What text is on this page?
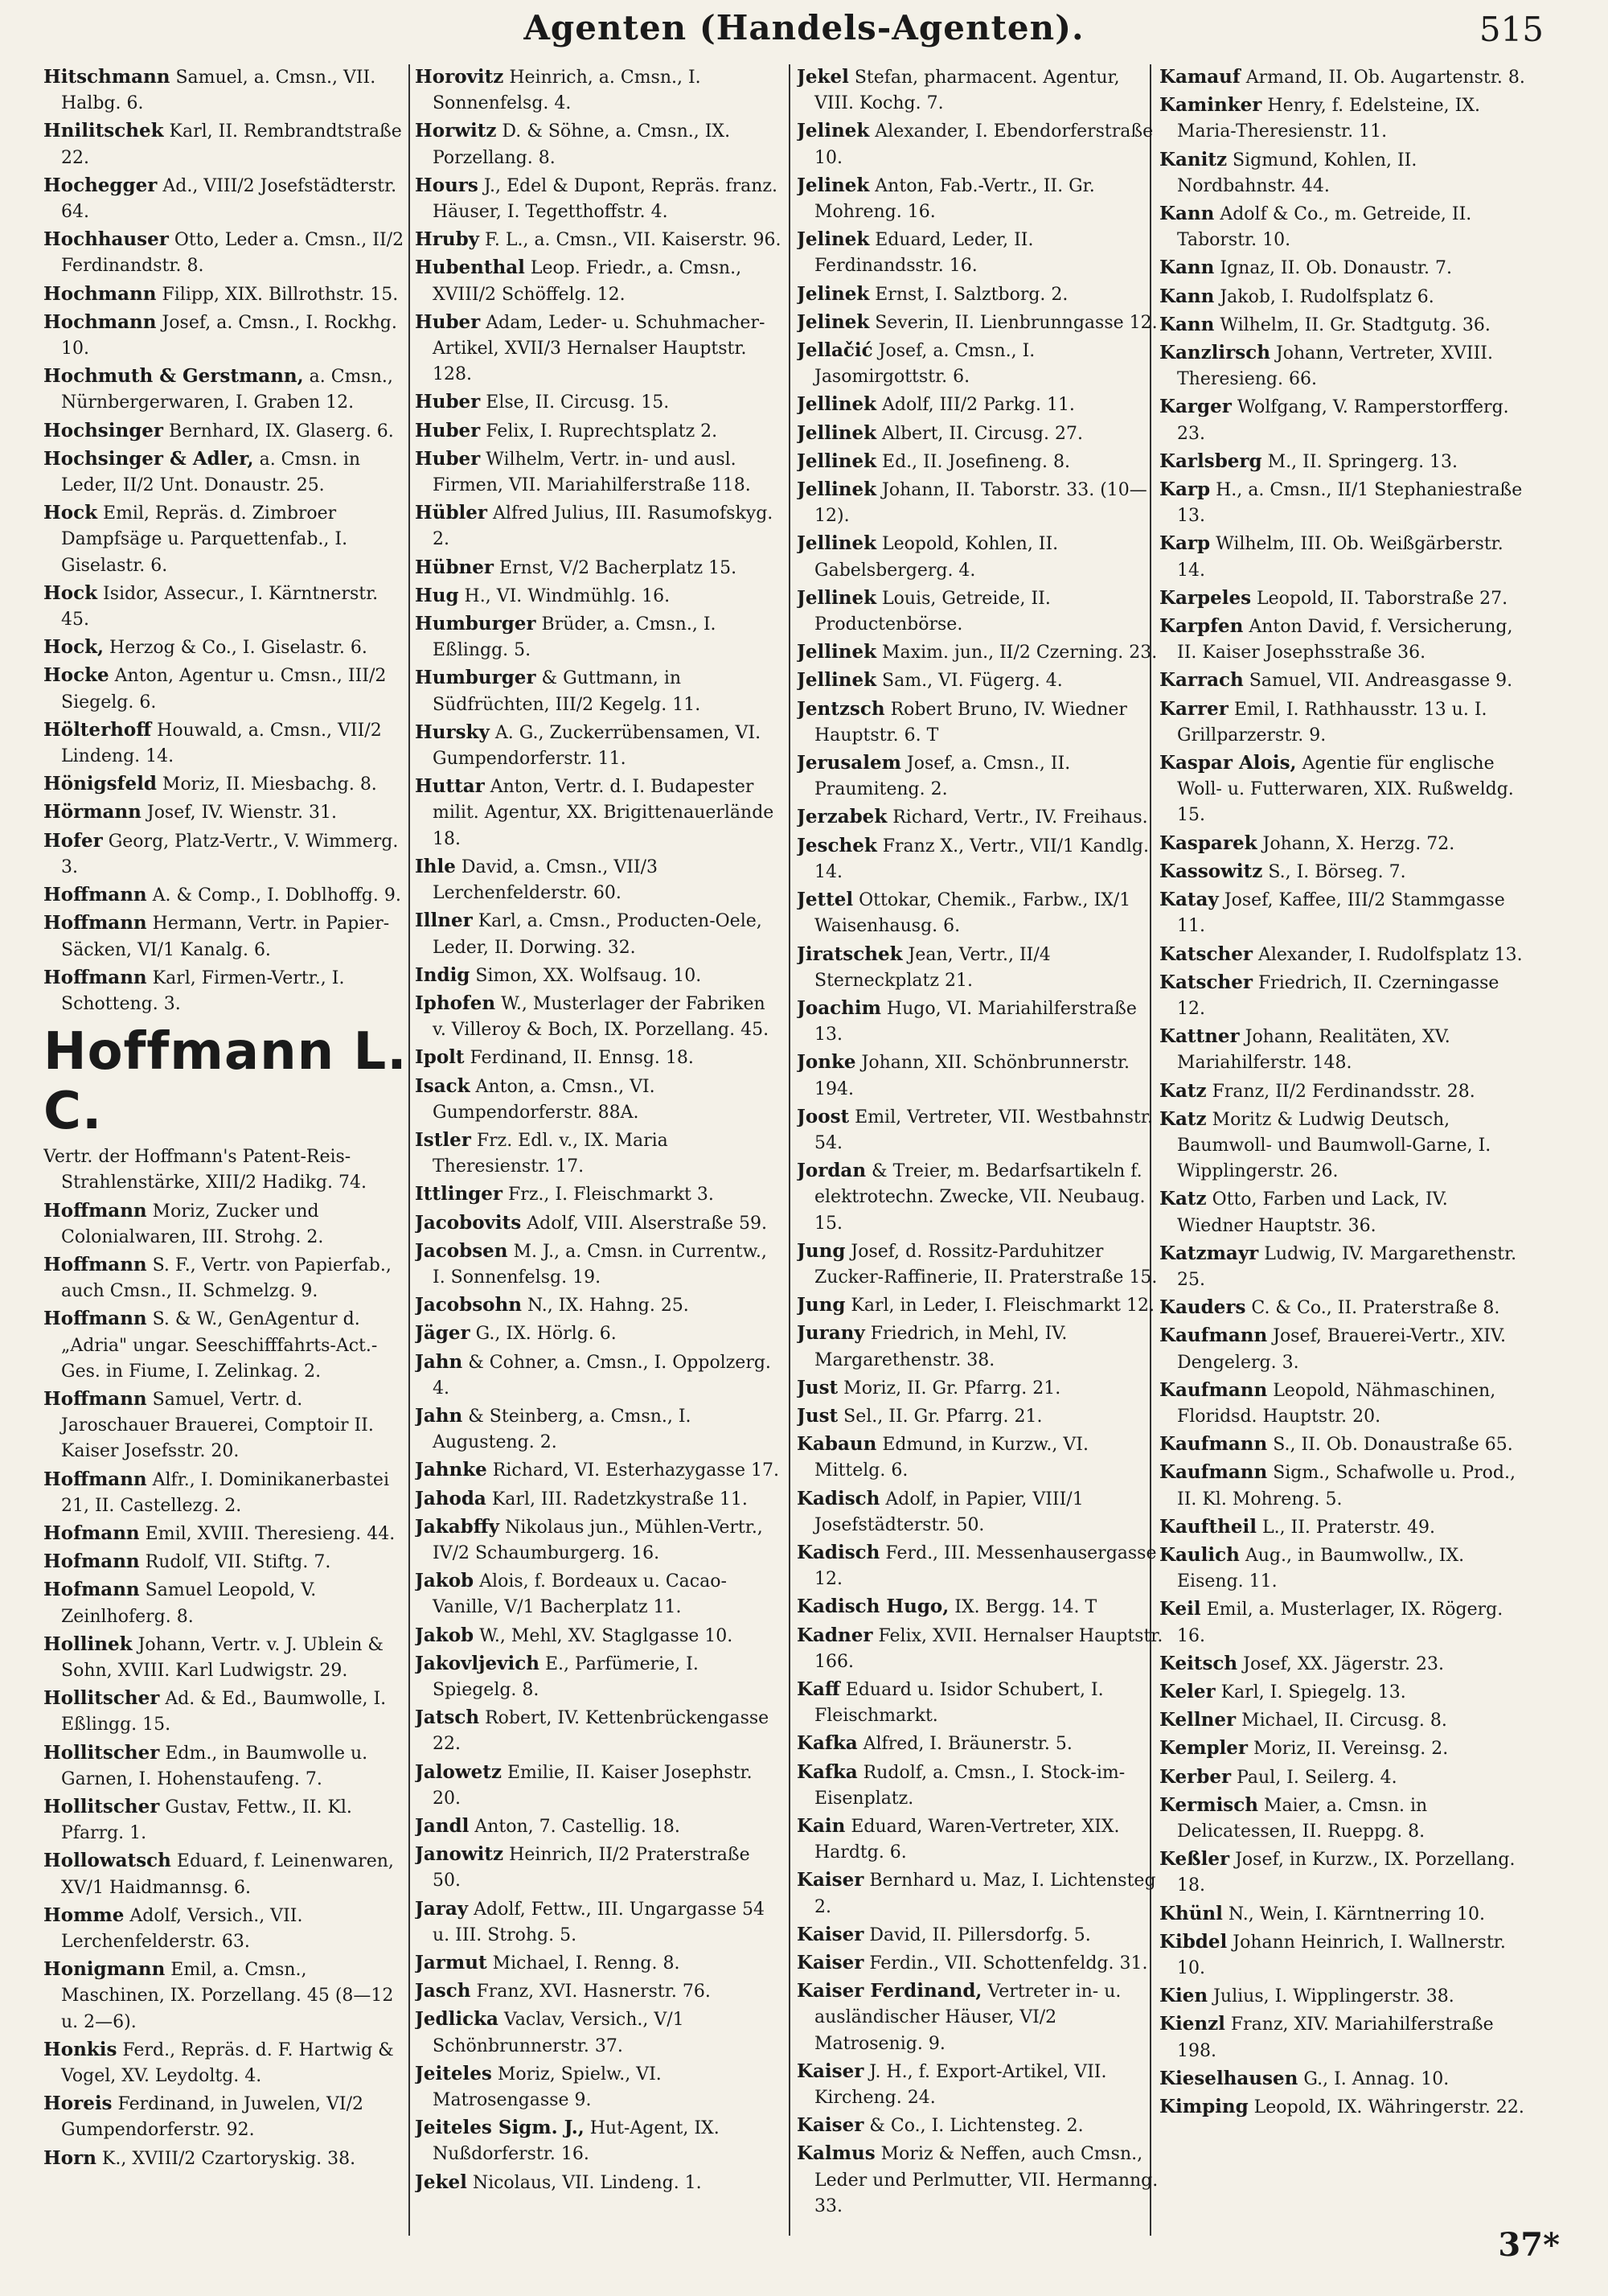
Agenten (Handels-Agenten).	515
Hitschmann Samuel, a. Cmsn., VII. Halbg. 6.
Hnilitschek Karl, II. Rembrandtstraße 22.
Hochegger Ad., VIII/2 Josefstädterstr. 64.
Hochhauser Otto, Leder a. Cmsn., II/2 Ferdinandstr. 8.
Hochmann Filipp, XIX. Billrothstr. 15.
Hochmann Josef, a. Cmsn., I. Rockhg. 10.
Hochmuth & Gerstmann, a. Cmsn., Nürnbergerwaren, I. Graben 12.
Hochsinger Bernhard, IX. Glaserg. 6.
Hochsinger & Adler, a. Cmsn. in Leder, II/2 Unt. Donaustr. 25.
Hock Emil, Repräs. d. Zimbroer Dampfsäge u. Parquettenfab., I. Giselastr. 6.
Hock Isidor, Assecur., I. Kärntnerstr. 45.
Hock, Herzog & Co., I. Giselastr. 6.
Hocke Anton, Agentur u. Cmsn., III/2 Siegelg. 6.
Hölterhoff Houwald, a. Cmsn., VII/2 Lindeng. 14.
Hönigsfeld Moriz, II. Miesbachg. 8.
Hörmann Josef, IV. Wienstr. 31.
Hofer Georg, Platz-Vertr., V. Wimmerg. 3.
Hoffmann A. & Comp., I. Doblhoffg. 9.
Hoffmann Hermann, Vertr. in Papier-Säcken, VI/1 Kanalg. 6.
Hoffmann Karl, Firmen-Vertr., I. Schotteng. 3.
Hoffmann L. C.
Vertr. der Hoffmann's Patent-Reis-Strahlenstärke, XIII/2 Hadikg. 74.
Hoffmann Moriz, Zucker und Colonialwaren, III. Strohg. 2.
Hoffmann S. F., Vertr. von Papierfab., auch Cmsn., II. Schmelzg. 9.
Hoffmann S. & W., GenAgentur d. „Adria" ungar. Seeschifffahrts-Act.-Ges. in Fiume, I. Zelinkag. 2.
Hoffmann Samuel, Vertr. d. Jaroschauer Brauerei, Comptoir II. Kaiser Josefsstr. 20.
Hoffmann Alfr., I. Dominikanerbastei 21, II. Castellezg. 2.
Hofmann Emil, XVIII. Theresieng. 44.
Hofmann Rudolf, VII. Stiftg. 7.
Hofmann Samuel Leopold, V. Zeinlhoferg. 8.
Hollinek Johann, Vertr. v. J. Ublein & Sohn, XVIII. Karl Ludwigstr. 29.
Hollitscher Ad. & Ed., Baumwolle, I. Eßlingg. 15.
Hollitscher Edm., in Baumwolle u. Garnen, I. Hohenstaufeng. 7.
Hollitscher Gustav, Fettw., II. Kl. Pfarrg. 1.
Hollowatsch Eduard, f. Leinenwaren, XV/1 Haidmannsg. 6.
Homme Adolf, Versich., VII. Lerchenfelderstr. 63.
Honigmann Emil, a. Cmsn., Maschinen, IX. Porzellang. 45 (8—12 u. 2—6).
Honkis Ferd., Repräs. d. F. Hartwig & Vogel, XV. Leydoltg. 4.
Horeis Ferdinand, in Juwelen, VI/2 Gumpendorferstr. 92.
Horn K., XVIII/2 Czartoryskig. 38.
Horovitz Heinrich, a. Cmsn., I. Sonnenfelsg. 4.
Horwitz D. & Söhne, a. Cmsn., IX. Porzellang. 8.
Hours J., Edel & Dupont, Repräs. franz. Häuser, I. Tegetthoffstr. 4.
Hruby F. L., a. Cmsn., VII. Kaiserstr. 96.
Hubenthal Leop. Friedr., a. Cmsn., XVIII/2 Schöffelg. 12.
Huber Adam, Leder- u. Schuhmacher-Artikel, XVII/3 Hernalser Hauptstr. 128.
Huber Else, II. Circusg. 15.
Huber Felix, I. Ruprechtsplatz 2.
Huber Wilhelm, Vertr. in- und ausl. Firmen, VII. Mariahilferstraße 118.
Hübler Alfred Julius, III. Rasumofskyg. 2.
Hübner Ernst, V/2 Bacherplatz 15.
Hug H., VI. Windmühlg. 16.
Humburger Brüder, a. Cmsn., I. Eßlingg. 5.
Humburger & Guttmann, in Südfrüchten, III/2 Kegelg. 11.
Hursky A. G., Zuckerrübensamen, VI. Gumpendorferstr. 11.
Huttar Anton, Vertr. d. I. Budapester milit. Agentur, XX. Brigittenauerlände 18.
Ihle David, a. Cmsn., VII/3 Lerchenfelderstr. 60.
Illner Karl, a. Cmsn., Producten-Oele, Leder, II. Dorwing. 32.
Indig Simon, XX. Wolfsaug. 10.
Iphofen W., Musterlager der Fabriken v. Villeroy & Boch, IX. Porzellang. 45.
Ipolt Ferdinand, II. Ennsg. 18.
Isack Anton, a. Cmsn., VI. Gumpendorferstr. 88A.
Istler Frz. Edl. v., IX. Maria Theresienstr. 17.
Ittlinger Frz., I. Fleischmarkt 3.
Jacobovits Adolf, VIII. Alserstraße 59.
Jacobsen M. J., a. Cmsn. in Currentw., I. Sonnenfelsg. 19.
Jacobsohn N., IX. Hahng. 25.
Jäger G., IX. Hörlg. 6.
Jahn & Cohner, a. Cmsn., I. Oppolzerg. 4.
Jahn & Steinberg, a. Cmsn., I. Augusteng. 2.
Jahnke Richard, VI. Esterhazygasse 17.
Jahoda Karl, III. Radetzkystraße 11.
Jakabffy Nikolaus jun., Mühlen-Vertr., IV/2 Schaumburgerg. 16.
Jakob Alois, f. Bordeaux u. Cacao-Vanille, V/1 Bacherplatz 11.
Jakob W., Mehl, XV. Staglgasse 10.
Jakovljevich E., Parfümerie, I. Spiegelg. 8.
Jatsch Robert, IV. Kettenbrückengasse 22.
Jalowetz Emilie, II. Kaiser Josephstr. 20.
Jandl Anton, 7. Castellig. 18.
Janowitz Heinrich, II/2 Praterstraße 50.
Jaray Adolf, Fettw., III. Ungargasse 54 u. III. Strohg. 5.
Jarmut Michael, I. Renng. 8.
Jasch Franz, XVI. Hasnerstr. 76.
Jedlicka Vaclav, Versich., V/1 Schönbrunnerstr. 37.
Jeiteles Moriz, Spielw., VI. Matrosengasse 9.
Jeiteles Sigm. J., Hut-Agent, IX. Nußdorferstr. 16.
Jekel Nicolaus, VII. Lindeng. 1.
Jekel Stefan, pharmacent. Agentur, VIII. Kochg. 7.
Jelinek Alexander, I. Ebendorferstraße 10.
Jelinek Anton, Fab.-Vertr., II. Gr. Mohreng. 16.
Jelinek Eduard, Leder, II. Ferdinandsstr. 16.
Jelinek Ernst, I. Salztborg. 2.
Jelinek Severin, II. Lienbrunngasse 12.
Jellačić Josef, a. Cmsn., I. Jasomirgottstr. 6.
Jellinek Adolf, III/2 Parkg. 11.
Jellinek Albert, II. Circusg. 27.
Jellinek Ed., II. Josefineng. 8.
Jellinek Johann, II. Taborstr. 33. (10—12).
Jellinek Leopold, Kohlen, II. Gabelsbergerg. 4.
Jellinek Louis, Getreide, II. Productenbörse.
Jellinek Maxim. jun., II/2 Czerning. 23.
Jellinek Sam., VI. Fügerg. 4.
Jentzsch Robert Bruno, IV. Wiedner Hauptstr. 6. T
Jerusalem Josef, a. Cmsn., II. Praumiteng. 2.
Jerzabek Richard, Vertr., IV. Freihaus.
Jeschek Franz X., Vertr., VII/1 Kandlg. 14.
Jettel Ottokar, Chemik., Farbw., IX/1 Waisenhausg. 6.
Jiratschek Jean, Vertr., II/4 Sterneckplatz 21.
Joachim Hugo, VI. Mariahilferstraße 13.
Jonke Johann, XII. Schönbrunnerstr. 194.
Joost Emil, Vertreter, VII. Westbahnstr. 54.
Jordan & Treier, m. Bedarfsartikeln f. elektrotechn. Zwecke, VII. Neubaug. 15.
Jung Josef, d. Rossitz-Parduhitzer Zucker-Raffinerie, II. Praterstraße 15.
Jung Karl, in Leder, I. Fleischmarkt 12.
Jurany Friedrich, in Mehl, IV. Margarethenstr. 38.
Just Moriz, II. Gr. Pfarrg. 21.
Just Sel., II. Gr. Pfarrg. 21.
Kabaun Edmund, in Kurzw., VI. Mittelg. 6.
Kadisch Adolf, in Papier, VIII/1 Josefstädterstr. 50.
Kadisch Ferd., III. Messenhausergasse 12.
Kadisch Hugo, IX. Bergg. 14. T
Kadner Felix, XVII. Hernalser Hauptstr. 166.
Kaff Eduard u. Isidor Schubert, I. Fleischmarkt.
Kafka Alfred, I. Bräunerstr. 5.
Kafka Rudolf, a. Cmsn., I. Stock-im-Eisenplatz.
Kain Eduard, Waren-Vertreter, XIX. Hardtg. 6.
Kaiser Bernhard u. Maz, I. Lichtensteg 2.
Kaiser David, II. Pillersdorfg. 5.
Kaiser Ferdin., VII. Schottenfeldg. 31.
Kaiser Ferdinand, Vertreter in- u. ausländischer Häuser, VI/2 Matrosenig. 9.
Kaiser J. H., f. Export-Artikel, VII. Kircheng. 24.
Kaiser & Co., I. Lichtensteg. 2.
Kalmus Moriz & Neffen, auch Cmsn., Leder und Perlmutter, VII. Hermanng. 33.
Kamauf Armand, II. Ob. Augartenstr. 8.
Kaminker Henry, f. Edelsteine, IX. Maria-Theresienstr. 11.
Kanitz Sigmund, Kohlen, II. Nordbahnstr. 44.
Kann Adolf & Co., m. Getreide, II. Taborstr. 10.
Kann Ignaz, II. Ob. Donaustr. 7.
Kann Jakob, I. Rudolfsplatz 6.
Kann Wilhelm, II. Gr. Stadtgutg. 36.
Kanzlirsch Johann, Vertreter, XVIII. Theresieng. 66.
Karger Wolfgang, V. Ramperstorfferg. 23.
Karlsberg M., II. Springerg. 13.
Karp H., a. Cmsn., II/1 Stephaniestraße 13.
Karp Wilhelm, III. Ob. Weißgärberstr. 14.
Karpeles Leopold, II. Taborstraße 27.
Karpfen Anton David, f. Versicherung, II. Kaiser Josephsstraße 36.
Karrach Samuel, VII. Andreasgasse 9.
Karrer Emil, I. Rathhausstr. 13 u. I. Grillparzerstr. 9.
Kaspar Alois, Agentie für englische Woll- u. Futterwaren, XIX. Rußweldg. 15.
Kasparek Johann, X. Herzg. 72.
Kassowitz S., I. Börseg. 7.
Katay Josef, Kaffee, III/2 Stammgasse 11.
Katscher Alexander, I. Rudolfsplatz 13.
Katscher Friedrich, II. Czerningasse 12.
Kattner Johann, Realitäten, XV. Mariahilferstr. 148.
Katz Franz, II/2 Ferdinandsstr. 28.
Katz Moritz & Ludwig Deutsch, Baumwoll- und Baumwoll-Garne, I. Wipplingerstr. 26.
Katz Otto, Farben und Lack, IV. Wiedner Hauptstr. 36.
Katzmayr Ludwig, IV. Margarethenstr. 25.
Kauders C. & Co., II. Praterstraße 8.
Kaufmann Josef, Brauerei-Vertr., XIV. Dengelerg. 3.
Kaufmann Leopold, Nähmaschinen, Floridsd. Hauptstr. 20.
Kaufmann S., II. Ob. Donaustraße 65.
Kaufmann Sigm., Schafwolle u. Prod., II. Kl. Mohreng. 5.
Kauftheil L., II. Praterstr. 49.
Kaulich Aug., in Baumwollw., IX. Eiseng. 11.
Keil Emil, a. Musterlager, IX. Rögerg. 16.
Keitsch Josef, XX. Jägerstr. 23.
Keler Karl, I. Spiegelg. 13.
Kellner Michael, II. Circusg. 8.
Kempler Moriz, II. Vereinsg. 2.
Kerber Paul, I. Seilerg. 4.
Kermisch Maier, a. Cmsn. in Delicatessen, II. Rueppg. 8.
Keßler Josef, in Kurzw., IX. Porzellang. 18.
Khünl N., Wein, I. Kärntnerring 10.
Kibdel Johann Heinrich, I. Wallnerstr. 10.
Kien Julius, I. Wipplingerstr. 38.
Kienzl Franz, XIV. Mariahilferstraße 198.
Kieselhausen G., I. Annag. 10.
Kimping Leopold, IX. Währingerstr. 22.
37*
